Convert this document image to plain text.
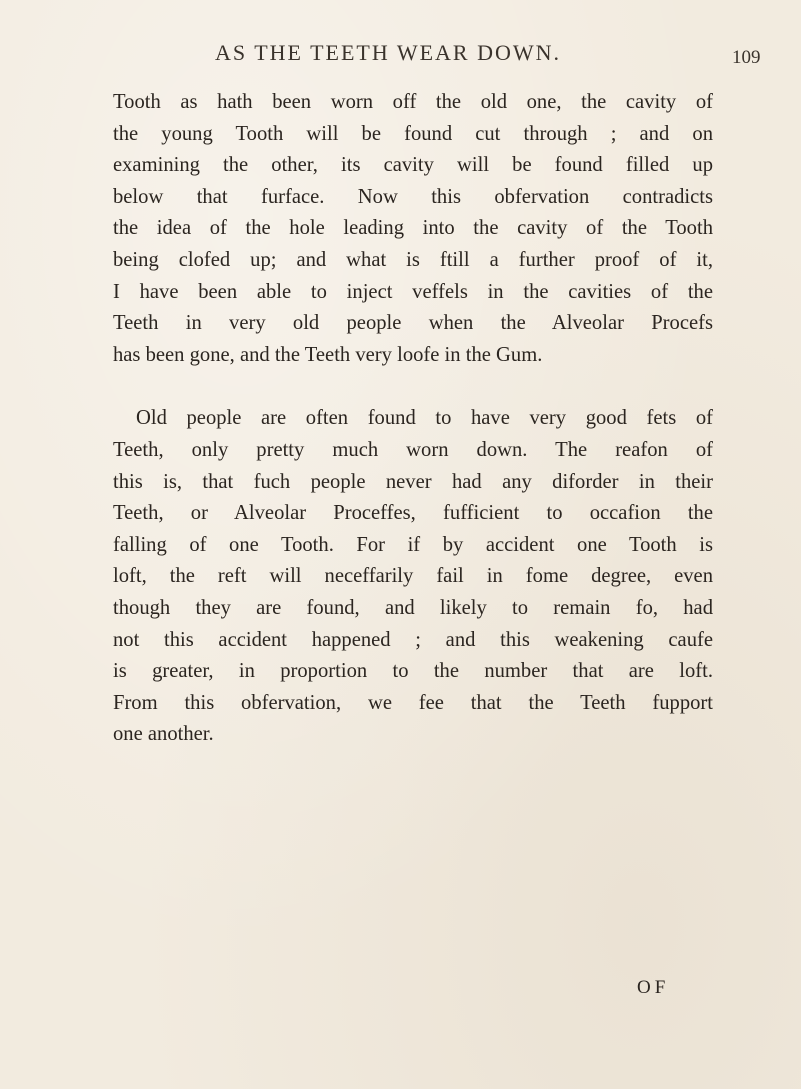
AS THE TEETH WEAR DOWN.	109
Tooth as hath been worn off the old one, the cavity of
the young Tooth will be found cut through ; and on
examining the other, its cavity will be found filled up
below that furface. Now this obfervation contradicts
the idea of the hole leading into the cavity of the Tooth
being clofed up; and what is ftill a further proof of it,
I have been able to inject veffels in the cavities of the
Teeth in very old people when the Alveolar Procefs
has been gone, and the Teeth very loofe in the Gum.
Old people are often found to have very good fets of
Teeth, only pretty much worn down. The reafon of
this is, that fuch people never had any diforder in their
Teeth, or Alveolar Proceffes, fufficient to occafion the
falling of one Tooth. For if by accident one Tooth is
loft, the reft will neceffarily fail in fome degree, even
though they are found, and likely to remain fo, had
not this accident happened ; and this weakening caufe
is greater, in proportion to the number that are loft.
From this obfervation, we fee that the Teeth fupport
one another.
OF
